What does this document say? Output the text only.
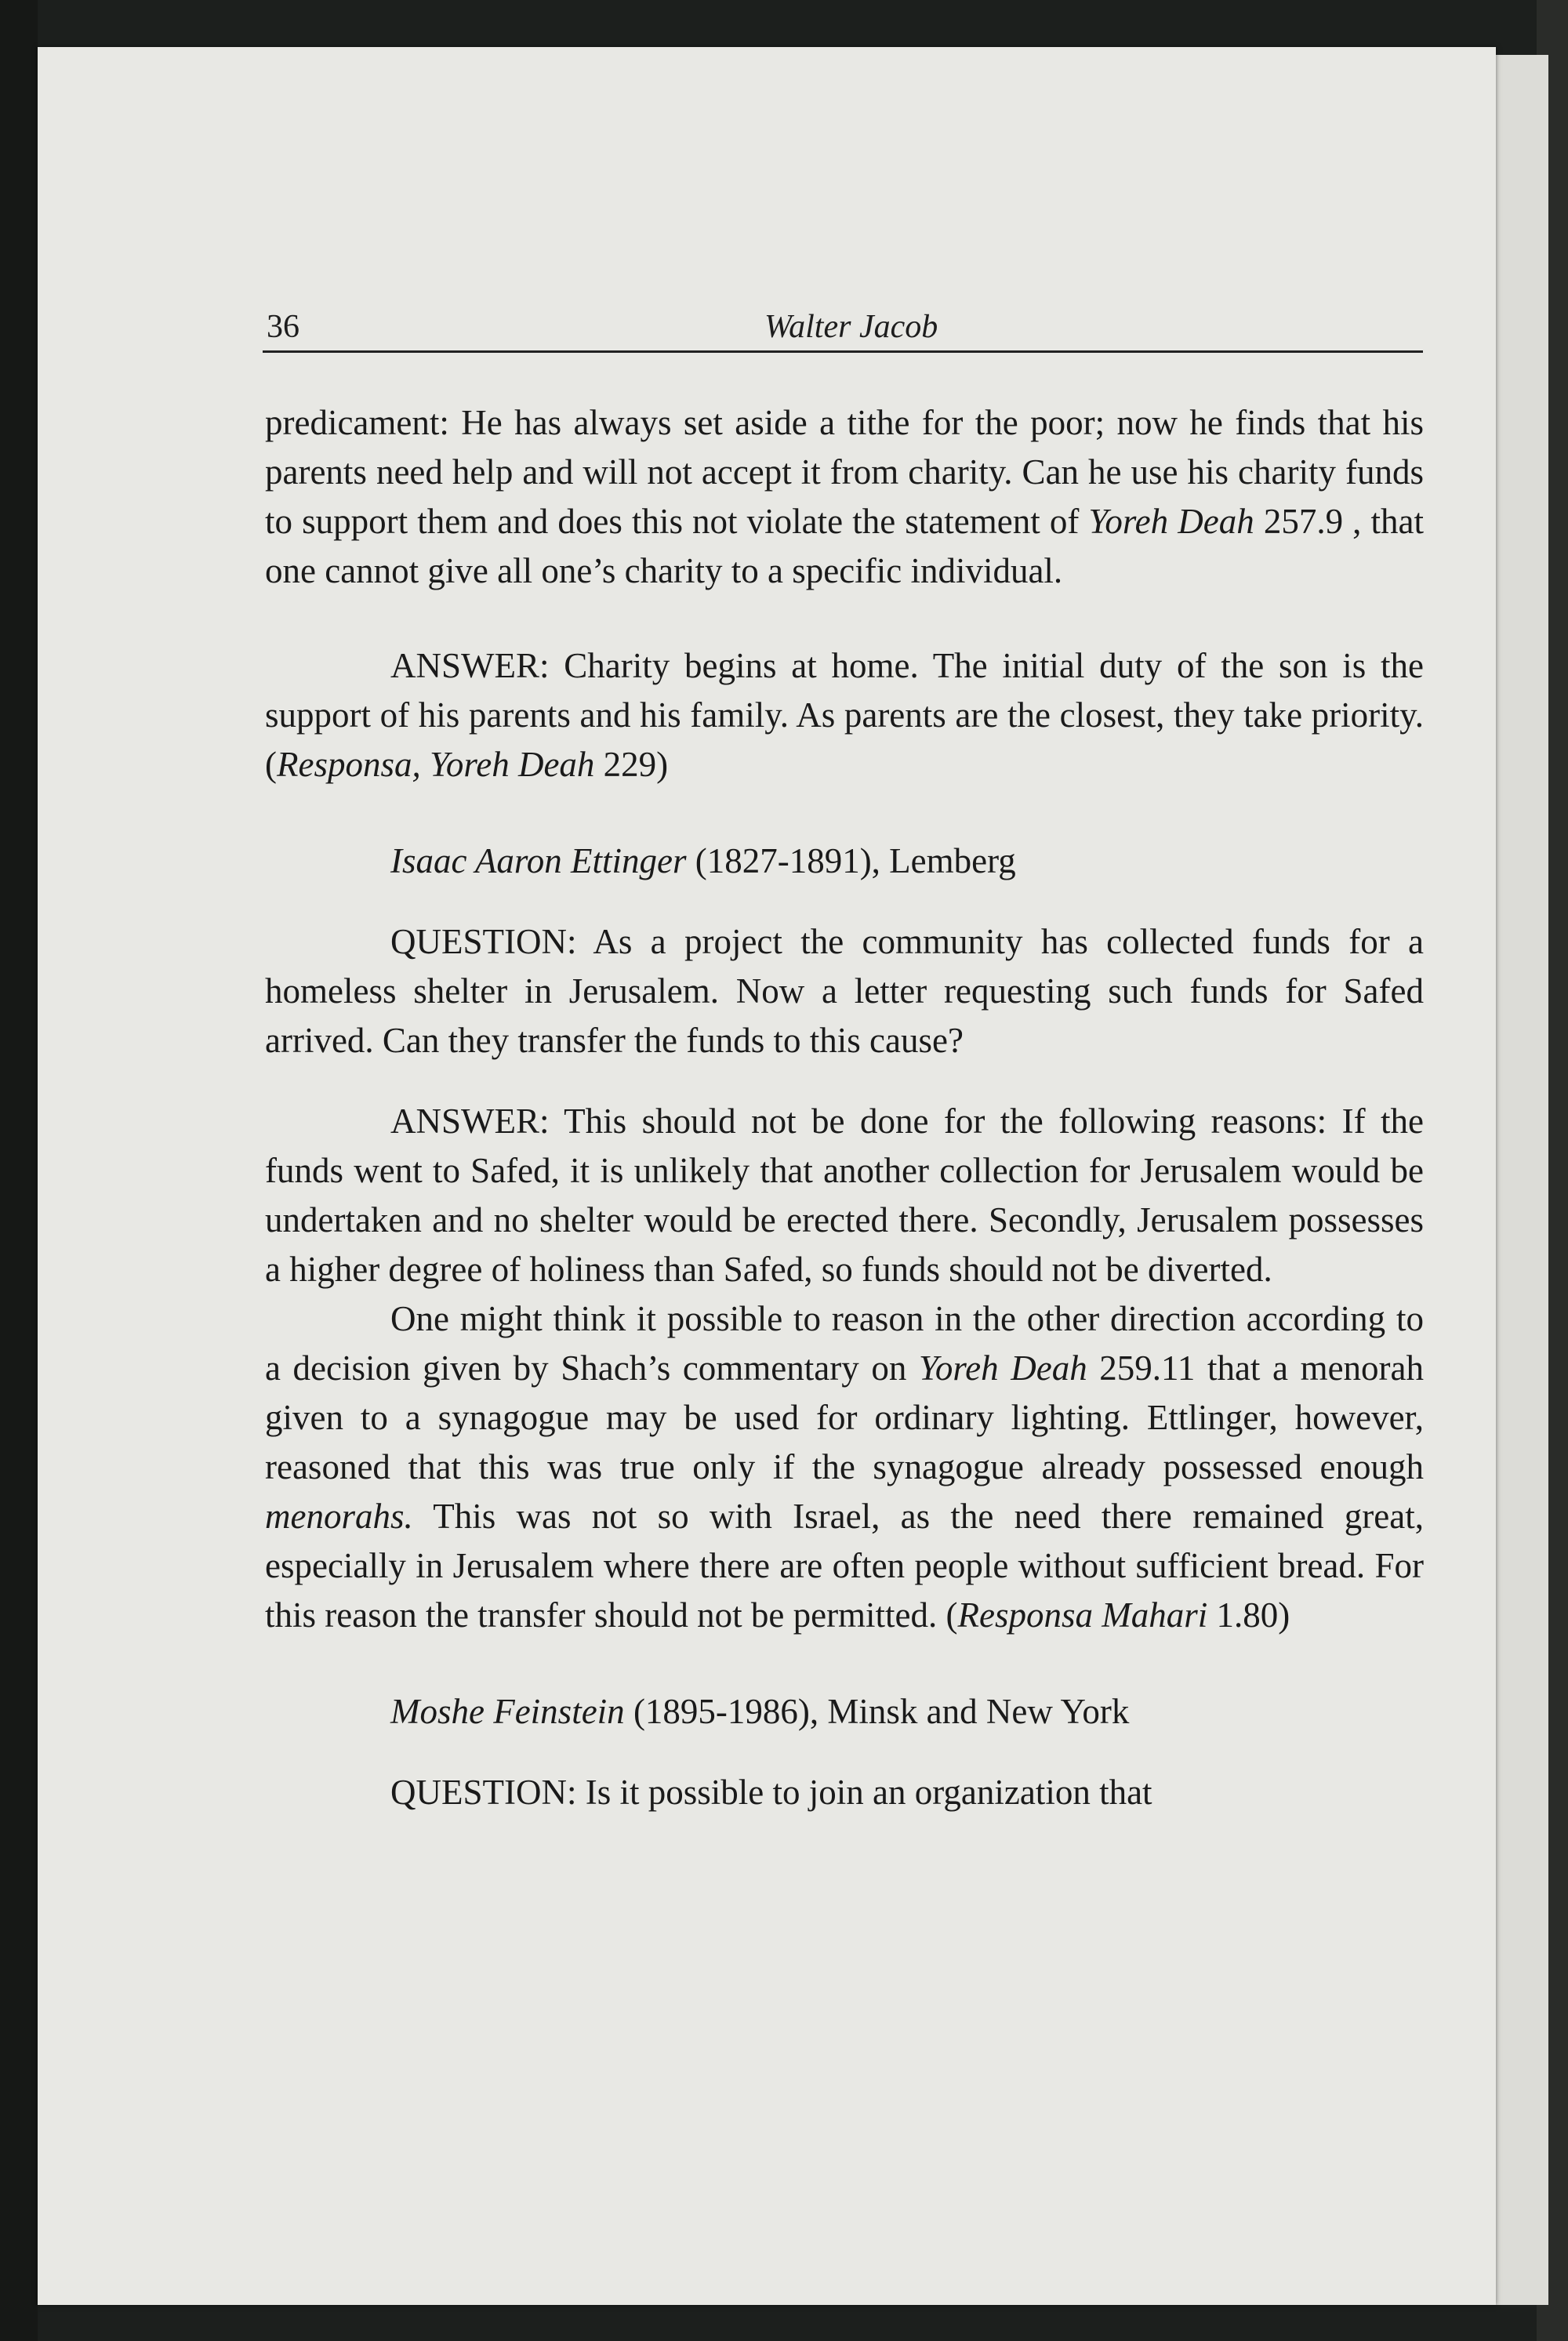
36	Walter Jacob

predicament: He has always set aside a tithe for the poor; now he finds that his parents need help and will not accept it from charity. Can he use his charity funds to support them and does this not violate the statement of Yoreh Deah 257.9 , that one cannot give all one’s charity to a specific individual.

ANSWER: Charity begins at home. The initial duty of the son is the support of his parents and his family. As parents are the closest, they take priority. (Responsa, Yoreh Deah 229)

Isaac Aaron Ettinger (1827-1891), Lemberg

QUESTION: As a project the community has collected funds for a homeless shelter in Jerusalem. Now a letter requesting such funds for Safed arrived. Can they transfer the funds to this cause?

ANSWER: This should not be done for the following reasons: If the funds went to Safed, it is unlikely that another collection for Jerusalem would be undertaken and no shelter would be erected there. Secondly, Jerusalem possesses a higher degree of holiness than Safed, so funds should not be diverted.

One might think it possible to reason in the other direction according to a decision given by Shach’s commentary on Yoreh Deah 259.11 that a menorah given to a synagogue may be used for ordinary lighting. Ettlinger, however, reasoned that this was true only if the synagogue already possessed enough menorahs. This was not so with Israel, as the need there remained great, especially in Jerusalem where there are often people without sufficient bread. For this reason the transfer should not be permitted. (Responsa Mahari 1.80)

Moshe Feinstein (1895-1986), Minsk and New York

QUESTION: Is it possible to join an organization that
